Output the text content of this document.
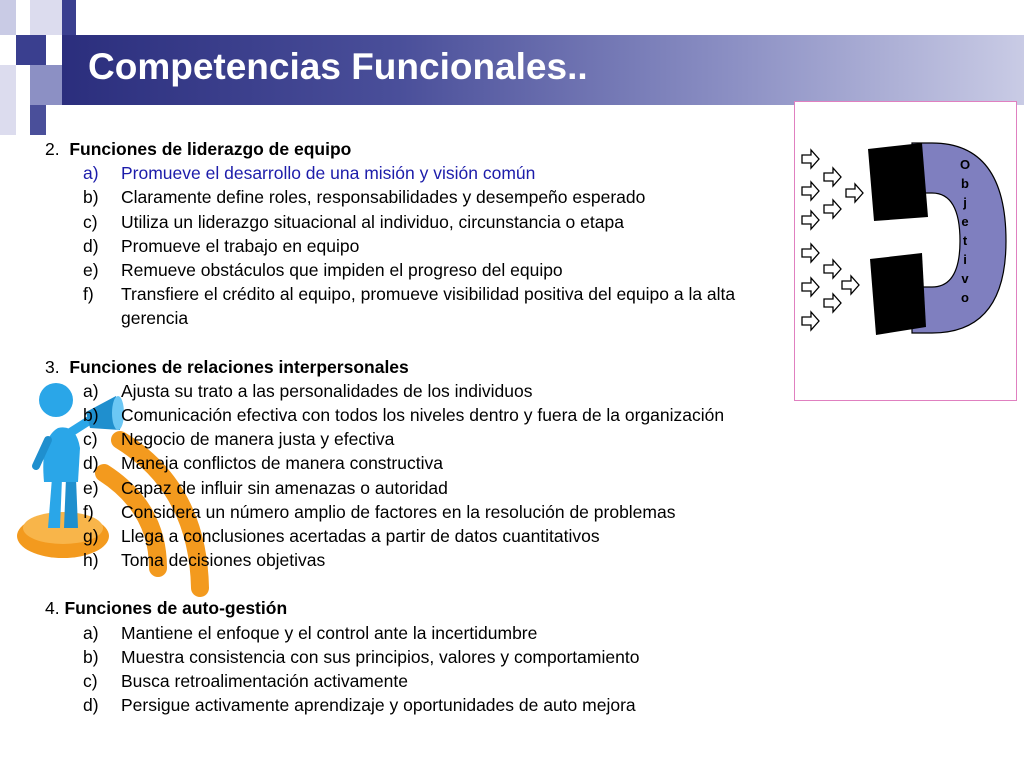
Competencias Funcionales..
2. Funciones de liderazgo de equipo
a)	Promueve el desarrollo de una misión y visión común
b)	Claramente define roles, responsabilidades y desempeño esperado
c)	Utiliza un liderazgo situacional al individuo, circunstancia o etapa
d)	Promueve el trabajo en equipo
e)	Remueve obstáculos que impiden el progreso del equipo
f)	Transfiere el crédito al equipo, promueve visibilidad positiva del equipo a la alta gerencia
3. Funciones de relaciones interpersonales
a)	Ajusta su trato a las personalidades de los individuos
b)	Comunicación efectiva con todos los niveles dentro y fuera de la organización
c)	Negocio de manera justa y efectiva
d)	Maneja conflictos de manera constructiva
e)	Capaz de influir sin amenazas o autoridad
f)	Considera un número amplio de factores en la resolución de problemas
g)	Llega a conclusiones acertadas a partir de datos cuantitativos
h)	Toma decisiones objetivas
4. Funciones de auto-gestión
a)	Mantiene el enfoque y el control ante la incertidumbre
b)	Muestra consistencia con sus principios, valores y comportamiento
c)	Busca retroalimentación activamente
d)	Persigue activamente aprendizaje y oportunidades de auto mejora
O
b
j
e
t
i
v
o
